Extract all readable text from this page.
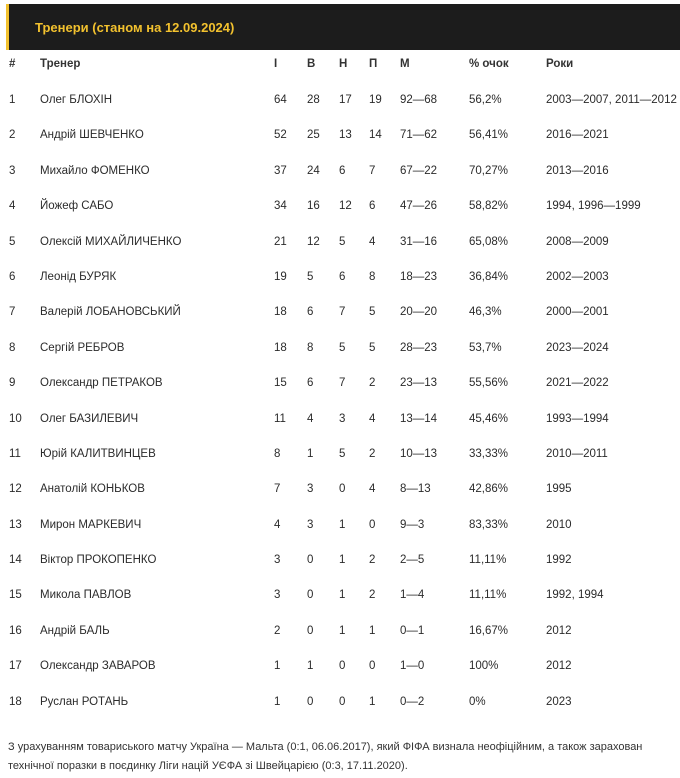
Тренери (станом на 12.09.2024)
# Тренер	І	В Н П М	% очок	Роки
1 Олег БЛОХІН	64 28 17 19 92—68	56,2%	2003—2007, 2011—2012
2 Андрій ШЕВЧЕНКО	52 25 13 14 71—62	56,41%	2016—2021
3 Михайло ФОМЕНКО	37 24 6 7 67—22	70,27%	2013—2016
4 Йожеф САБО	34 16 12 6 47—26	58,82%	1994, 1996—1999
5 Олексій МИХАЙЛИЧЕНКО	21 12 5 4 31—16	65,08%	2008—2009
6 Леонід БУРЯК	19 5 6 8 18—23	36,84%	2002—2003
7 Валерій ЛОБАНОВСЬКИЙ	18 6 7 5 20—20	46,3%	2000—2001
8 Сергій РЕБРОВ	18 8 5 5 28—23	53,7%	2023—2024
9 Олександр ПЕТРАКОВ	15 6 7 2 23—13	55,56%	2021—2022
10 Олег БАЗИЛЕВИЧ	11 4 3 4 13—14	45,46%	1993—1994
11 Юрій КАЛИТВИНЦЕВ	8 1 5 2 10—13	33,33%	2010—2011
12 Анатолій КОНЬКОВ	7 3 0 4 8—13	42,86%	1995
13 Мирон МАРКЕВИЧ	4 3 1 0 9—3	83,33%	2010
14 Віктор ПРОКОПЕНКО	3 0 1 2 2—5	11,11%	1992
15 Микола ПАВЛОВ	3 0 1 2 1—4	11,11%	1992, 1994
16 Андрій БАЛЬ	2 0 1 1 0—1	16,67%	2012
17 Олександр ЗАВАРОВ	1 1 0 0 1—0	100%	2012
18 Руслан РОТАНЬ	1 0 0 1 0—2	0%	2023
З урахуванням товариського матчу Україна — Мальта (0:1, 06.06.2017), який ФІФА визнала неофіційним, а також зарахован
технічної поразки в поєдинку Ліги націй УЄФА зі Швейцарією (0:3, 17.11.2020).
